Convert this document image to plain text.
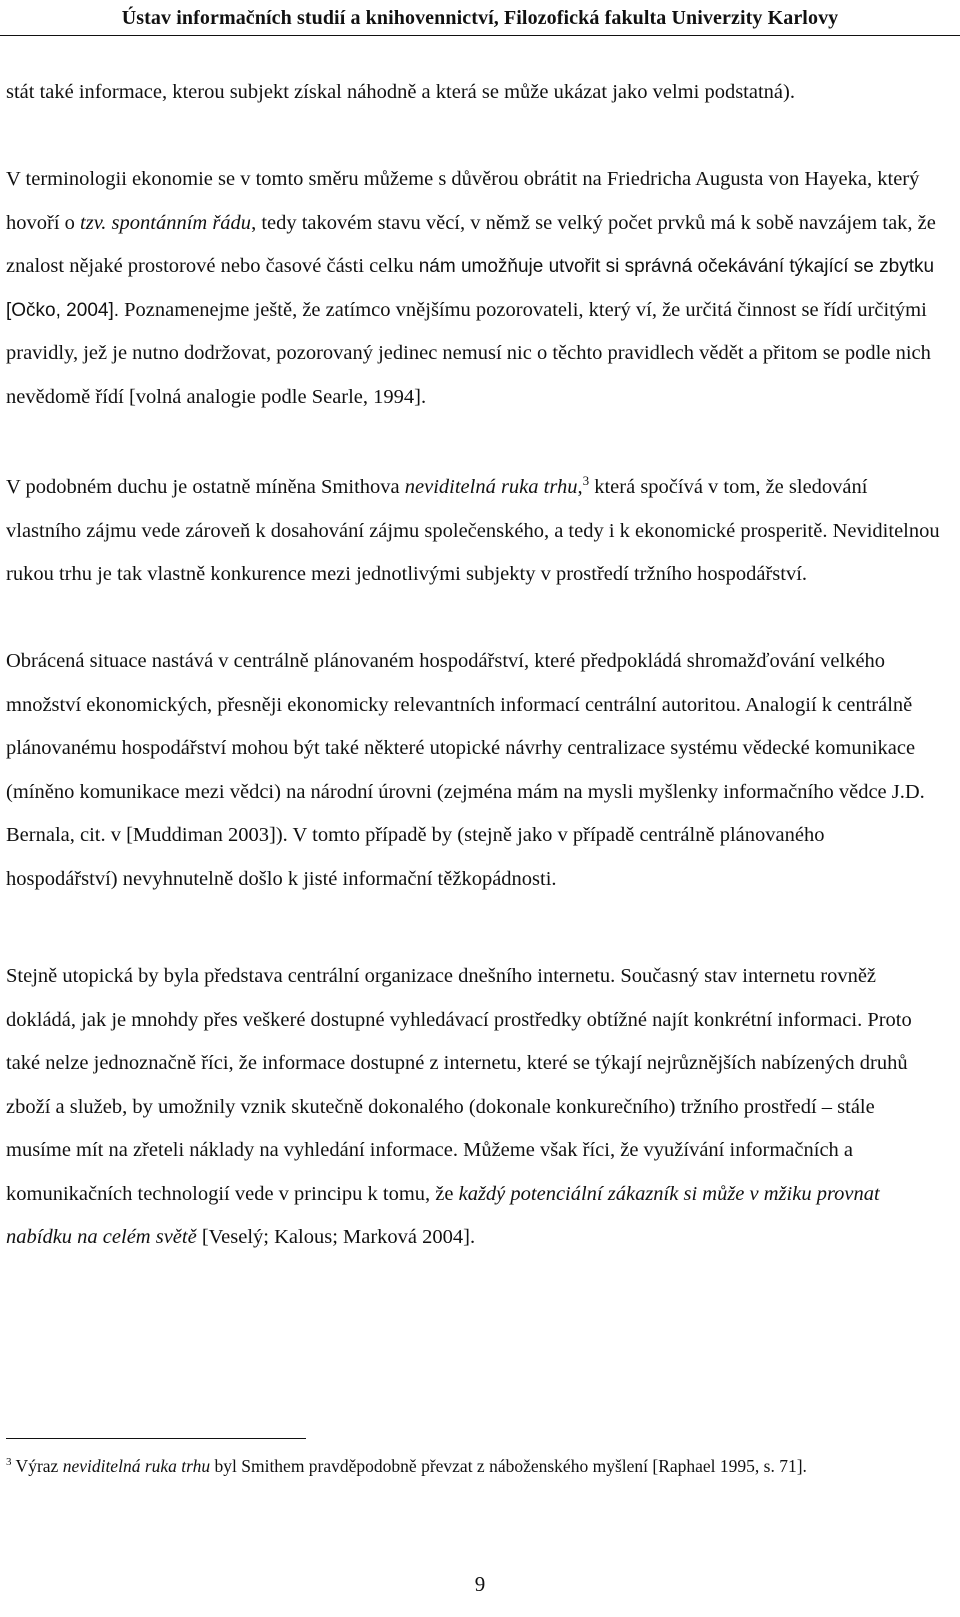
Ústav informačních studií a knihovennictví, Filozofická fakulta Univerzity Karlovy

stát také informace, kterou subjekt získal náhodně a která se může ukázat jako velmi podstatná).

V terminologii ekonomie se v tomto směru můžeme s důvěrou obrátit na Friedricha Augusta von Hayeka, který hovoří o tzv. spontánním řádu, tedy takovém stavu věcí, v němž se velký počet prvků má k sobě navzájem tak, že znalost nějaké prostorové nebo časové části celku nám umožňuje utvořit si správná očekávání týkající se zbytku [Očko, 2004]. Poznamenejme ještě, že zatímco vnějšímu pozorovateli, který ví, že určitá činnost se řídí určitými pravidly, jež je nutno dodržovat, pozorovaný jedinec nemusí nic o těchto pravidlech vědět a přitom se podle nich nevědomě řídí [volná analogie podle Searle, 1994].

V podobném duchu je ostatně míněna Smithova neviditelná ruka trhu,$^3$ která spočívá v tom, že sledování vlastního zájmu vede zároveň k dosahování zájmu společenského, a tedy i k ekonomické prosperitě. Neviditelnou rukou trhu je tak vlastně konkurence mezi jednotlivými subjekty v prostředí tržního hospodářství.

Obrácená situace nastává v centrálně plánovaném hospodářství, které předpokládá shromažďování velkého množství ekonomických, přesněji ekonomicky relevantních informací centrální autoritou. Analogií k centrálně plánovanému hospodářství mohou být také některé utopické návrhy centralizace systému vědecké komunikace (míněno komunikace mezi vědci) na národní úrovni (zejména mám na mysli myšlenky informačního vědce J.D. Bernala, cit. v [Muddiman 2003]). V tomto případě by (stejně jako v případě centrálně plánovaného hospodářství) nevyhnutelně došlo k jisté informační těžkopádnosti.

Stejně utopická by byla představa centrální organizace dnešního internetu. Současný stav internetu rovněž dokládá, jak je mnohdy přes veškeré dostupné vyhledávací prostředky obtížné najít konkrétní informaci. Proto také nelze jednoznačně říci, že informace dostupné z internetu, které se týkají nejrůznějších nabízených druhů zboží a služeb, by umožnily vznik skutečně dokonalého (dokonale konkurečního) tržního prostředí – stále musíme mít na zřeteli náklady na vyhledání informace. Můžeme však říci, že využívání informačních a komunikačních technologií vede v principu k tomu, že každý potenciální zákazník si může v mžiku provnat nabídku na celém světě [Veselý; Kalous; Marková 2004].

$^3$ Výraz neviditelná ruka trhu byl Smithem pravděpodobně převzat z náboženského myšlení [Raphael 1995, s. 71].
9
